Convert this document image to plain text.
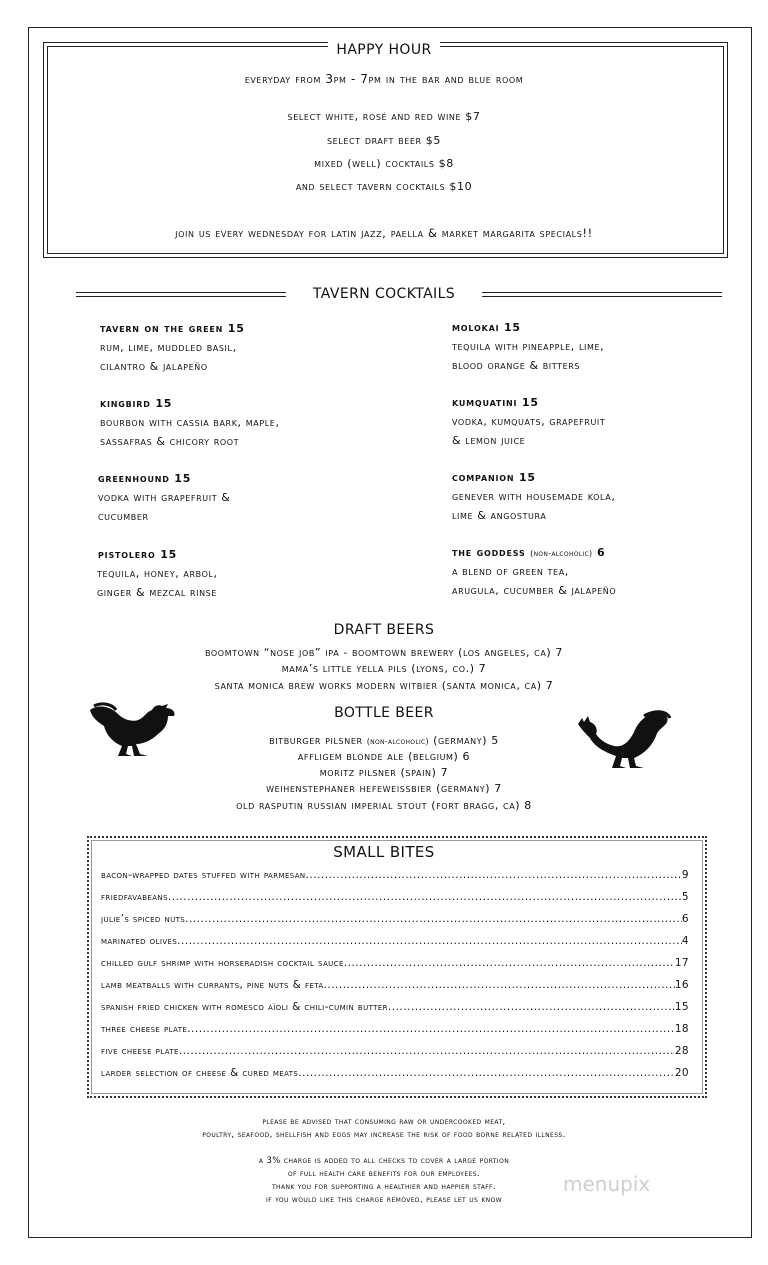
HAPPY HOUR
everyday from 3pm - 7pm in the bar and blue room
select white, rosé and red wine $7
select draft beer $5
mixed (well) cocktails $8
and select tavern cocktails $10
join us every wednesday for latin jazz, paella & market margarita specials!!
TAVERN COCKTAILS
tavern on the green 15
rum, lime, muddled basil,
cilantro & jalapeño
kingbird 15
bourbon with cassia bark, maple,
sassafras & chicory root
greenhound 15
vodka with grapefruit &
cucumber
pistolero 15
tequila, honey, arbol,
ginger & mezcal rinse
molokai 15
tequila with pineapple, lime,
blood orange & bitters
kumquatini 15
vodka, kumquats, grapefruit
& lemon juice
companion 15
genever with housemade kola,
lime & angostura
the goddess (non-alcoholic) 6
a blend of green tea,
arugula, cucumber & jalapeño
DRAFT BEERS
boomtown “nose job” ipa - boomtown brewery (los angeles, ca) 7
mama’s little yella pils (lyons, co.) 7
santa monica brew works modern witbier (santa monica, ca) 7
BOTTLE BEER
bitburger pilsner (non-alcoholic) (germany) 5
affligem blonde ale (belgium) 6
moritz pilsner (spain) 7
weihenstephaner hefeweissbier (germany) 7
old rasputin russian imperial stout (fort bragg, ca) 8
SMALL BITES
bacon-wrapped dates stuffed with parmesan .....	9
friedfavabeans .....	5
julie’s spiced nuts .....	6
marinated olives .....	4
chilled gulf shrimp with horseradish cocktail sauce .....	17
lamb meatballs with currants, pine nuts & feta .....	16
spanish fried chicken with romesco aïoli & chili-cumin butter .....	15
three cheese plate .....	18
five cheese plate .....	28
larder selection of cheese & cured meats .....	20
please be advised that consuming raw or undercooked meat,
poultry, seafood, shellfish and eggs may increase the risk of food borne related illness.
a 3% charge is added to all checks to cover a large portion
of full health care benefits for our employees.
thank you for supporting a healthier and happier staff.
if you would like this charge removed, please let us know
menupix
